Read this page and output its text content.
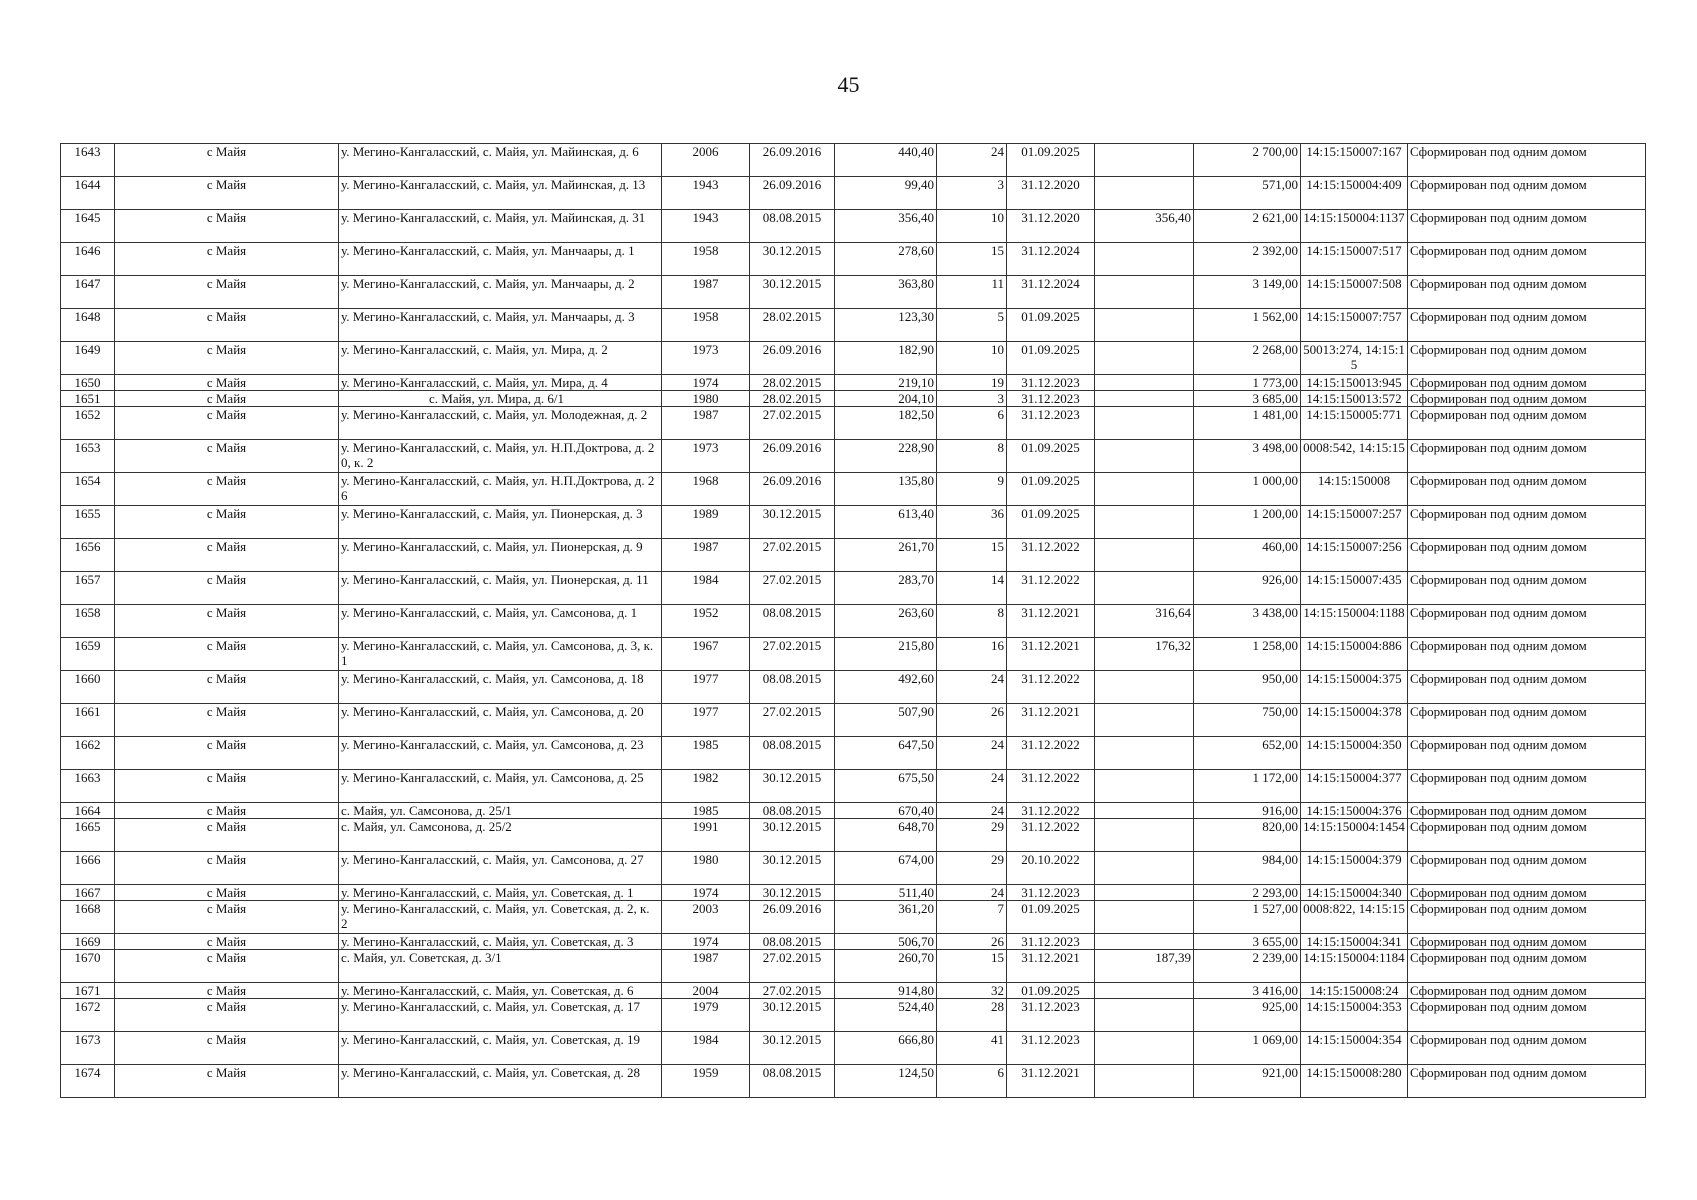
45
1643	с Майя	у. Мегино-Кангаласский, с. Майя, ул. Майинская, д. 6	2006	26.09.2016	440,40	24	01.09.2025		2 700,00	14:15:150007:167	Сформирован под одним домом
1644	с Майя	у. Мегино-Кангаласский, с. Майя, ул. Майинская, д. 13	1943	26.09.2016	99,40	3	31.12.2020		571,00	14:15:150004:409	Сформирован под одним домом
1645	с Майя	у. Мегино-Кангаласский, с. Майя, ул. Майинская, д. 31	1943	08.08.2015	356,40	10	31.12.2020	356,40	2 621,00	14:15:150004:1137	Сформирован под одним домом
1646	с Майя	у. Мегино-Кангаласский, с. Майя, ул. Манчаары, д. 1	1958	30.12.2015	278,60	15	31.12.2024		2 392,00	14:15:150007:517	Сформирован под одним домом
1647	с Майя	у. Мегино-Кангаласский, с. Майя, ул. Манчаары, д. 2	1987	30.12.2015	363,80	11	31.12.2024		3 149,00	14:15:150007:508	Сформирован под одним домом
1648	с Майя	у. Мегино-Кангаласский, с. Майя, ул. Манчаары, д. 3	1958	28.02.2015	123,30	5	01.09.2025		1 562,00	14:15:150007:757	Сформирован под одним домом
1649	с Майя	у. Мегино-Кангаласский, с. Майя, ул. Мира, д. 2	1973	26.09.2016	182,90	10	01.09.2025		2 268,00	50013:274, 14:15:15	Сформирован под одним домом
1650	с Майя	у. Мегино-Кангаласский, с. Майя, ул. Мира, д. 4	1974	28.02.2015	219,10	19	31.12.2023		1 773,00	14:15:150013:945	Сформирован под одним домом
1651	с Майя	с. Майя, ул. Мира, д. 6/1	1980	28.02.2015	204,10	3	31.12.2023		3 685,00	14:15:150013:572	Сформирован под одним домом
1652	с Майя	у. Мегино-Кангаласский, с. Майя, ул. Молодежная, д. 2	1987	27.02.2015	182,50	6	31.12.2023		1 481,00	14:15:150005:771	Сформирован под одним домом
1653	с Майя	у. Мегино-Кангаласский, с. Майя, ул. Н.П.Доктрова, д. 20, к. 2	1973	26.09.2016	228,90	8	01.09.2025		3 498,00	0008:542, 14:15:15	Сформирован под одним домом
1654	с Майя	у. Мегино-Кангаласский, с. Майя, ул. Н.П.Доктрова, д. 26	1968	26.09.2016	135,80	9	01.09.2025		1 000,00	14:15:150008	Сформирован под одним домом
1655	с Майя	у. Мегино-Кангаласский, с. Майя, ул. Пионерская, д. 3	1989	30.12.2015	613,40	36	01.09.2025		1 200,00	14:15:150007:257	Сформирован под одним домом
1656	с Майя	у. Мегино-Кангаласский, с. Майя, ул. Пионерская, д. 9	1987	27.02.2015	261,70	15	31.12.2022		460,00	14:15:150007:256	Сформирован под одним домом
1657	с Майя	у. Мегино-Кангаласский, с. Майя, ул. Пионерская, д. 11	1984	27.02.2015	283,70	14	31.12.2022		926,00	14:15:150007:435	Сформирован под одним домом
1658	с Майя	у. Мегино-Кангаласский, с. Майя, ул. Самсонова, д. 1	1952	08.08.2015	263,60	8	31.12.2021	316,64	3 438,00	14:15:150004:1188	Сформирован под одним домом
1659	с Майя	у. Мегино-Кангаласский, с. Майя, ул. Самсонова, д. 3, к. 1	1967	27.02.2015	215,80	16	31.12.2021	176,32	1 258,00	14:15:150004:886	Сформирован под одним домом
1660	с Майя	у. Мегино-Кангаласский, с. Майя, ул. Самсонова, д. 18	1977	08.08.2015	492,60	24	31.12.2022		950,00	14:15:150004:375	Сформирован под одним домом
1661	с Майя	у. Мегино-Кангаласский, с. Майя, ул. Самсонова, д. 20	1977	27.02.2015	507,90	26	31.12.2021		750,00	14:15:150004:378	Сформирован под одним домом
1662	с Майя	у. Мегино-Кангаласский, с. Майя, ул. Самсонова, д. 23	1985	08.08.2015	647,50	24	31.12.2022		652,00	14:15:150004:350	Сформирован под одним домом
1663	с Майя	у. Мегино-Кангаласский, с. Майя, ул. Самсонова, д. 25	1982	30.12.2015	675,50	24	31.12.2022		1 172,00	14:15:150004:377	Сформирован под одним домом
1664	с Майя	с. Майя, ул. Самсонова, д. 25/1	1985	08.08.2015	670,40	24	31.12.2022		916,00	14:15:150004:376	Сформирован под одним домом
1665	с Майя	с. Майя, ул. Самсонова, д. 25/2	1991	30.12.2015	648,70	29	31.12.2022		820,00	14:15:150004:1454	Сформирован под одним домом
1666	с Майя	у. Мегино-Кангаласский, с. Майя, ул. Самсонова, д. 27	1980	30.12.2015	674,00	29	20.10.2022		984,00	14:15:150004:379	Сформирован под одним домом
1667	с Майя	у. Мегино-Кангаласский, с. Майя, ул. Советская, д. 1	1974	30.12.2015	511,40	24	31.12.2023		2 293,00	14:15:150004:340	Сформирован под одним домом
1668	с Майя	у. Мегино-Кангаласский, с. Майя, ул. Советская, д. 2, к. 2	2003	26.09.2016	361,20	7	01.09.2025		1 527,00	0008:822, 14:15:15	Сформирован под одним домом
1669	с Майя	у. Мегино-Кангаласский, с. Майя, ул. Советская, д. 3	1974	08.08.2015	506,70	26	31.12.2023		3 655,00	14:15:150004:341	Сформирован под одним домом
1670	с Майя	с. Майя, ул. Советская, д. 3/1	1987	27.02.2015	260,70	15	31.12.2021	187,39	2 239,00	14:15:150004:1184	Сформирован под одним домом
1671	с Майя	у. Мегино-Кангаласский, с. Майя, ул. Советская, д. 6	2004	27.02.2015	914,80	32	01.09.2025		3 416,00	14:15:150008:24	Сформирован под одним домом
1672	с Майя	у. Мегино-Кангаласский, с. Майя, ул. Советская, д. 17	1979	30.12.2015	524,40	28	31.12.2023		925,00	14:15:150004:353	Сформирован под одним домом
1673	с Майя	у. Мегино-Кангаласский, с. Майя, ул. Советская, д. 19	1984	30.12.2015	666,80	41	31.12.2023		1 069,00	14:15:150004:354	Сформирован под одним домом
1674	с Майя	у. Мегино-Кангаласский, с. Майя, ул. Советская, д. 28	1959	08.08.2015	124,50	6	31.12.2021		921,00	14:15:150008:280	Сформирован под одним домом
